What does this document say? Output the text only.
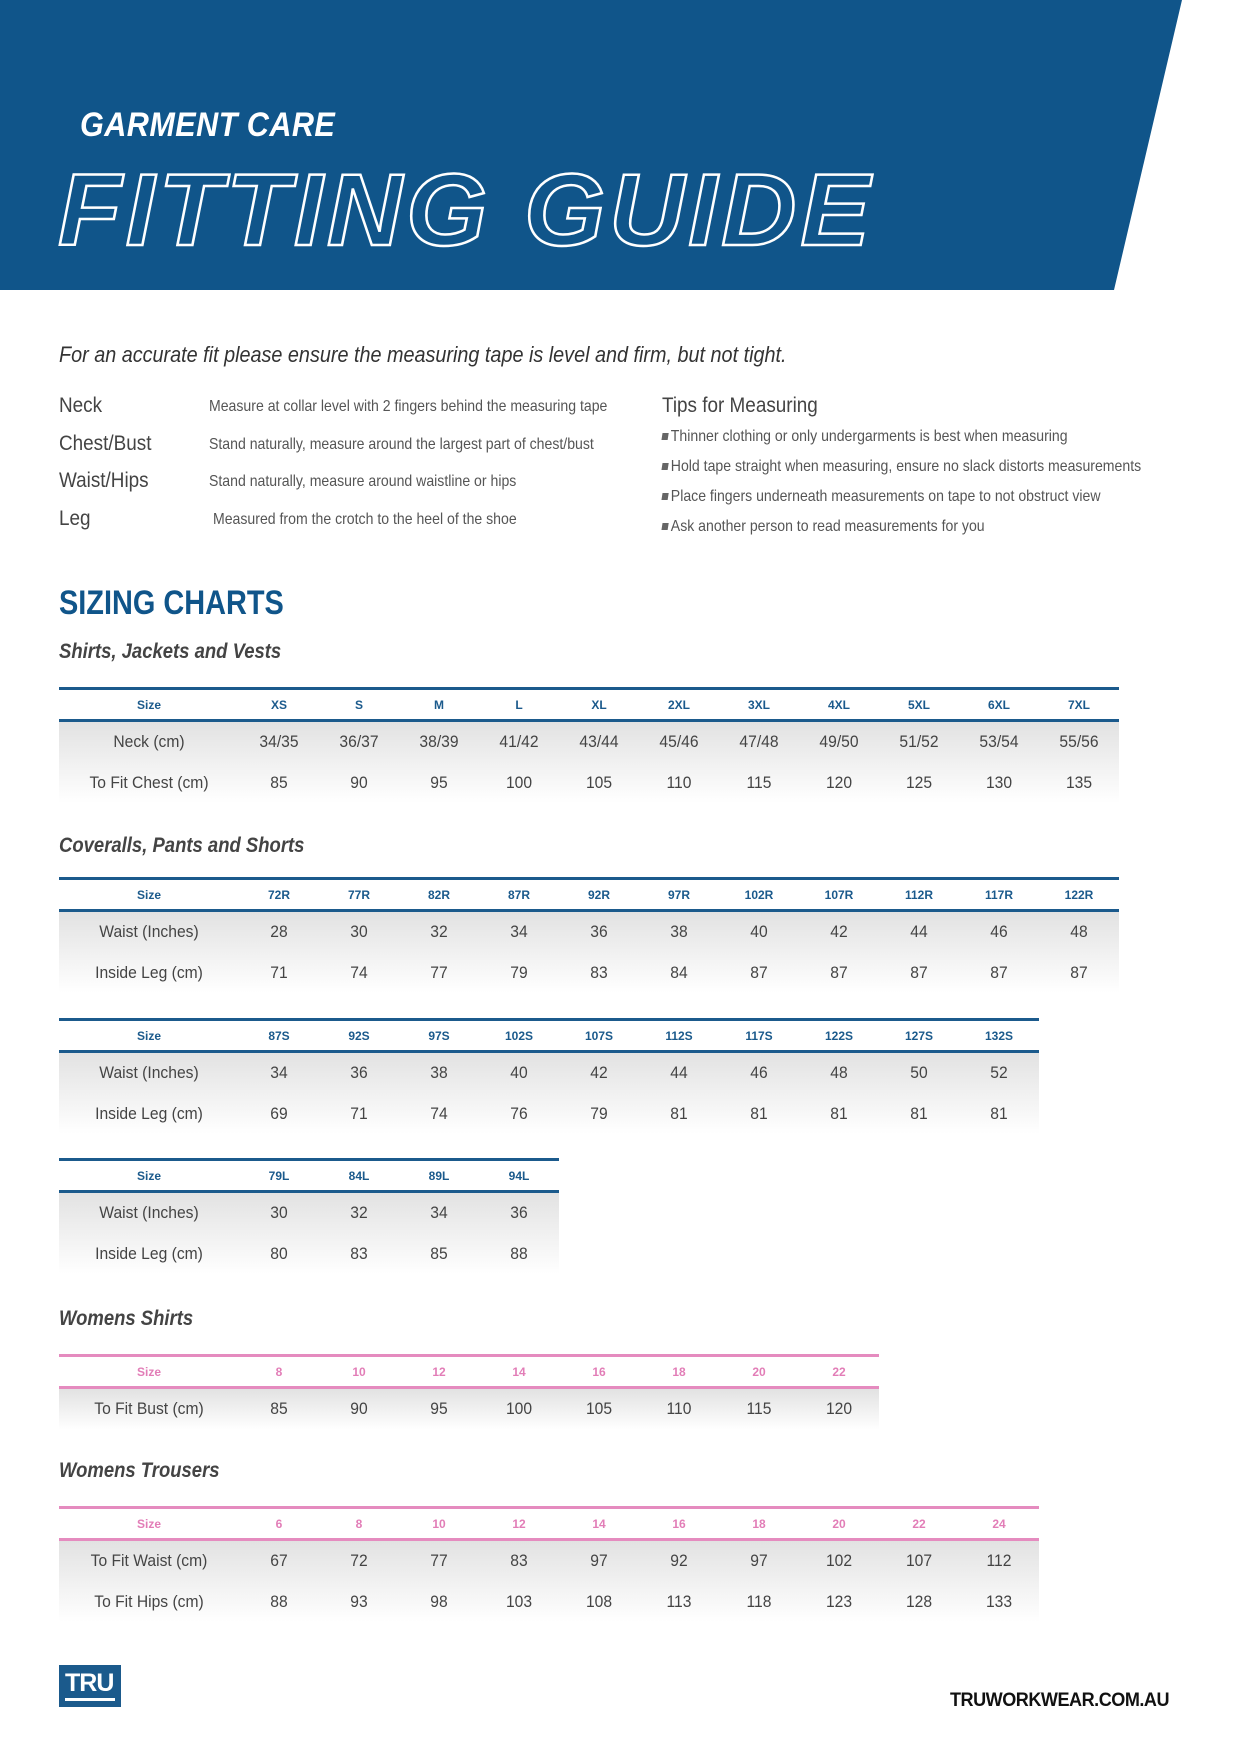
GARMENT CARE
FITTING GUIDE
For an accurate fit please ensure the measuring tape is level and firm, but not tight.
Neck	Measure at collar level with 2 fingers behind the measuring tape
Chest/Bust	Stand naturally, measure around the largest part of chest/bust
Waist/Hips	Stand naturally, measure around waistline or hips
Leg	Measured from the crotch to the heel of the shoe
Tips for Measuring
Thinner clothing or only undergarments is best when measuring
Hold tape straight when measuring, ensure no slack distorts measurements
Place fingers underneath measurements on tape to not obstruct view
Ask another person to read measurements for you
SIZING CHARTS
Shirts, Jackets and Vests
Coveralls, Pants and Shorts
Womens Shirts
Womens Trousers
Size	XS	S	M	L	XL	2XL	3XL	4XL	5XL	6XL	7XL
Neck (cm)	34/35	36/37	38/39	41/42	43/44	45/46	47/48	49/50	51/52	53/54	55/56
To Fit Chest (cm)	85	90	95	100	105	110	115	120	125	130	135
Size	72R	77R	82R	87R	92R	97R	102R	107R	112R	117R	122R
Waist (Inches)	28	30	32	34	36	38	40	42	44	46	48
Inside Leg (cm)	71	74	77	79	83	84	87	87	87	87	87
Size	87S	92S	97S	102S	107S	112S	117S	122S	127S	132S
Waist (Inches)	34	36	38	40	42	44	46	48	50	52
Inside Leg (cm)	69	71	74	76	79	81	81	81	81	81
Size	79L	84L	89L	94L
Waist (Inches)	30	32	34	36
Inside Leg (cm)	80	83	85	88
Size	8	10	12	14	16	18	20	22
To Fit Bust (cm)	85	90	95	100	105	110	115	120
Size	6	8	10	12	14	16	18	20	22	24
To Fit Waist (cm)	67	72	77	83	97	92	97	102	107	112
To Fit Hips (cm)	88	93	98	103	108	113	118	123	128	133
TRU
TRUWORKWEAR.COM.AU
